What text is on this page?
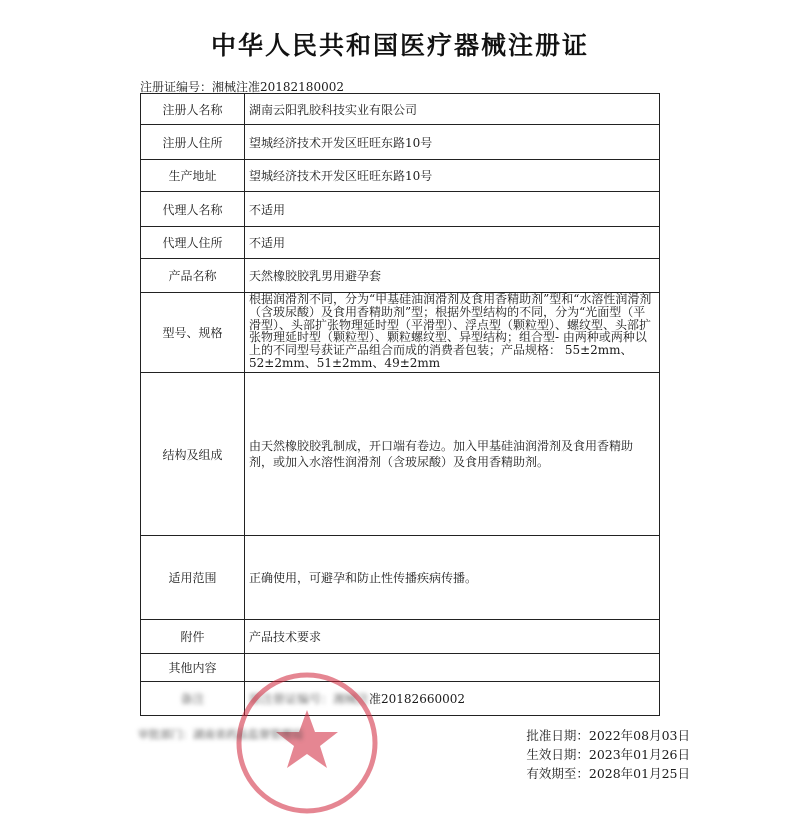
中华人民共和国医疗器械注册证
注册证编号：湘械注准20182180002
注册人名称	湖南云阳乳胶科技实业有限公司
注册人住所	望城经济技术开发区旺旺东路10号
生产地址	望城经济技术开发区旺旺东路10号
代理人名称	不适用
代理人住所	不适用
产品名称	天然橡胶胶乳男用避孕套
型号、规格	根据润滑剂不同，分为“甲基硅油润滑剂及食用香精助剂”型和“水溶性润滑剂（含玻尿酸）及食用香精助剂”型；根据外型结构的不同，分为“光面型（平滑型）、头部扩张物理延时型（平滑型）、浮点型（颗粒型）、螺纹型、头部扩张物理延时型（颗粒型）、颗粒螺纹型、异型结构；组合型- 由两种或两种以上的不同型号获证产品组合而成的消费者包装；产品规格： 55±2mm、52±2mm、51±2mm、49±2mm
结构及组成	由天然橡胶胶乳制成，开口端有卷边。加入甲基硅油润滑剂及食用香精助剂，或加入水溶性润滑剂（含玻尿酸）及食用香精助剂。
适用范围	正确使用，可避孕和防止性传播疾病传播。
附件	产品技术要求
其他内容	
备注	原注册证编号：湘械注准20182660002
审批部门：湖南省药品监督管理局	批准日期：2022年08月03日
生效日期：2023年01月26日
有效期至：2028年01月25日
